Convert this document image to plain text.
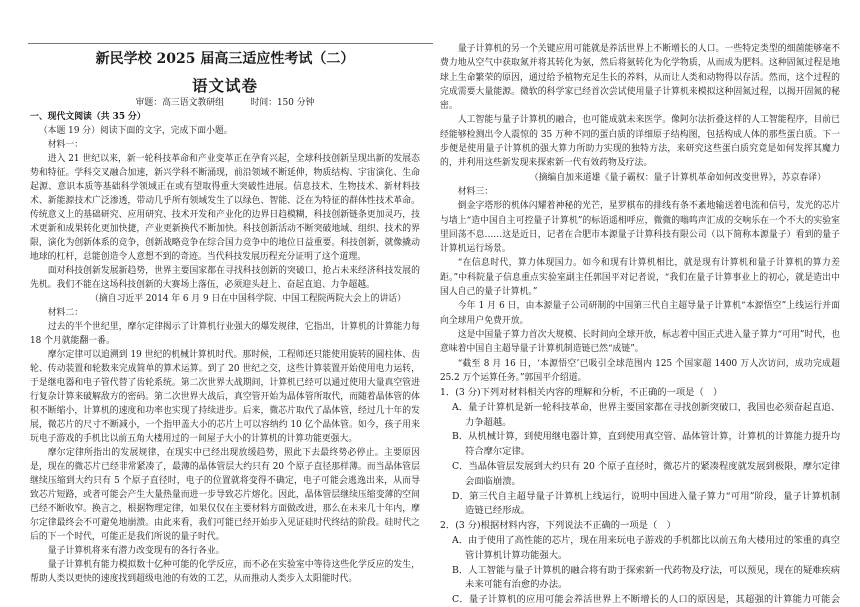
新民学校 2025 届高三适应性考试（二）
语文试卷

审题：高三语文教研组　　　时间：150 分钟

一、现代文阅读（共 35 分）

（本题 19 分）阅读下面的文字，完成下面小题。

材料一：

进入 21 世纪以来，新一轮科技革命和产业变革正在孕育兴起，全球科技创新呈现出新的发展态势和特征。学科交叉融合加速，新兴学科不断涌现，前沿领域不断延伸，物质结构、宇宙演化、生命起源、意识本质等基础科学领域正在或有望取得重大突破性进展。信息技术、生物技术、新材料技术、新能源技术广泛渗透，带动几乎所有领域发生了以绿色、智能、泛在为特征的群体性技术革命。传统意义上的基础研究、应用研究、技术开发和产业化的边界日趋模糊，科技创新链条更加灵巧，技术更新和成果转化更加快捷，产业更新换代不断加快。科技创新活动不断突破地域、组织、技术的界限，演化为创新体系的竞争，创新战略竞争在综合国力竞争中的地位日益重要。科技创新，就像撬动地球的杠杆，总能创造令人意想不到的奇迹。当代科技发展历程充分证明了这个道理。

面对科技创新发展新趋势，世界主要国家都在寻找科技创新的突破口，抢占未来经济科技发展的先机。我们不能在这场科技创新的大赛场上落伍，必须迎头赶上、奋起直追、力争超越。

（摘自习近平 2014 年 6 月 9 日在中国科学院、中国工程院两院大会上的讲话）

材料二：

过去的半个世纪里，摩尔定律揭示了计算机行业强大的爆发规律，它指出，计算机的计算能力每 18 个月就能翻一番。

摩尔定律可以追溯到 19 世纪的机械计算机时代。那时候，工程师还只能使用旋转的圆柱体、齿轮、传动装置和轮数来完成简单的算术运算。到了 20 世纪之交，这些计算装置开始使用电力运转，于是继电器和电子管代替了齿轮系统。第二次世界大战期间，计算机已经可以通过使用大量真空管进行复杂计算来破解敌方的密码。第二次世界大战后，真空管开始为晶体管所取代，而随着晶体管的体积不断缩小，计算机的速度和功率也实现了持续进步。后来，微芯片取代了晶体管，经过几十年的发展，微芯片的尺寸不断减小，一个指甲盖大小的芯片上可以容纳约 10 亿个晶体管。如今，孩子用来玩电子游戏的手机比以前五角大楼用过的一间屋子大小的计算机的计算功能更强大。

摩尔定律所指出的发展规律，在现实中已经出现放缓趋势，照此下去最终势必停止。主要原因是，现在的微芯片已经非常紧凑了，最薄的晶体管层大约只有 20 个原子直径那样薄。而当晶体管层继续压缩到大约只有 5 个原子直径时，电子的位置就将变得不确定，电子可能会逃逸出来，从而导致芯片短路，或者可能会产生大量热量而进一步导致芯片熔化。因此，晶体管层继续压缩变薄的空间已经不断收窄。换言之，根据物理定律，如果仅仅在主要材料方面做改进，那么在未来几十年内，摩尔定律最终会不可避免地崩溃。由此来看，我们可能已经开始步入见证硅时代终结的阶段。硅时代之后的下一个时代，可能正是我们所说的量子时代。

量子计算机将来有潜力改变现有的各行各业。

量子计算机有能力模拟数十亿种可能的化学反应，而不必在实验室中等待这些化学反应的发生，帮助人类以更快的速度找到超级电池的有效的工艺，从而推动人类步入太阳能时代。

量子计算机的另一个关键应用可能就是养活世界上不断增长的人口。一些特定类型的细菌能够毫不费力地从空气中获取氮并将其转化为氨，然后将氨转化为化学物质，从而成为肥料。这种固氮过程是地球上生命繁荣的原因，通过给予植物充足生长的养料，从而让人类和动物得以存活。然而，这个过程的完成需要大量能源。微软的科学家已经首次尝试使用量子计算机来模拟这种固氮过程，以揭开固氮的秘密。

人工智能与量子计算机的融合，也可能成就未来医学。像阿尔法折叠这样的人工智能程序，目前已经能够检测出令人震惊的 35 万种不同的蛋白质的详细原子结构图，包括构成人体的那些蛋白质。下一步便是使用量子计算机的强大算力所助力实现的独特方法，来研究这些蛋白质究竟是如何发挥其魔力的，并利用这些新发现来探索新一代有效药物及疗法。

（摘编自加来道雄《量子霸权：量子计算机革命如何改变世界》，苏京春译）

材料三：

倒金字塔形的机体闪耀着神秘的光芒，星罗棋布的排线有条不紊地输送着电流和信号，发光的芯片与墙上“造中国自主可控量子计算机”的标语遥相呼应，微微的嗡鸣声汇成的交响乐在一个不大的实验室里回荡不息……这是近日，记者在合肥市本源量子计算科技有限公司（以下简称本源量子）看到的量子计算机运行场景。

“在信息时代，算力体现国力。如今和现有计算机相比，就是现有计算机和量子计算机的算力差距。”中科院量子信息重点实验室副主任郭国平对记者说，“我们在量子计算事业上的初心，就是造出中国人自己的量子计算机。”

今年 1 月 6 日，由本源量子公司研制的中国第三代自主超导量子计算机“本源悟空”上线运行并面向全球用户免费开放。

这是中国量子算力首次大规模、长时间向全球开放，标志着中国正式进入量子算力“可用”时代，也意味着中国自主超导量子计算机制造链已然“成链”。

“截至 8 月 16 日，‘本源悟空’已吸引全球范围内 125 个国家超 1400 万人次访问，成功完成超 25.2 万个运算任务。”郭国平介绍道。

1．(3 分)下列对材料相关内容的理解和分析，不正确的一项是（　）

A．量子计算机是新一轮科技革命，世界主要国家都在寻找创新突破口，我国也必须奋起直追、力争超越。

B．从机械计算，到使用继电器计算，直到使用真空管、晶体管计算，计算机的计算能力提升均符合摩尔定律。

C．当晶体管层发展到大约只有 20 个原子直径时，微芯片的紧凑程度就发展到极限，摩尔定律会面临崩溃。

D．第三代自主超导量子计算机上线运行，说明中国进入量子算力“可用”阶段，量子计算机制造链已经形成。

2．(3 分)根据材料内容，下列说法不正确的一项是（　）

A．由于使用了高性能的芯片，现在用来玩电子游戏的手机都比以前五角大楼用过的笨重的真空管计算机计算功能强大。

B．人工智能与量子计算机的融合将有助于探索新一代药物及疗法，可以预见，现在的疑难疾病未来可能有治愈的办法。

C．量子计算机的应用可能会养活世界上不断增长的人口的原因是，其超强的计算能力可能会
